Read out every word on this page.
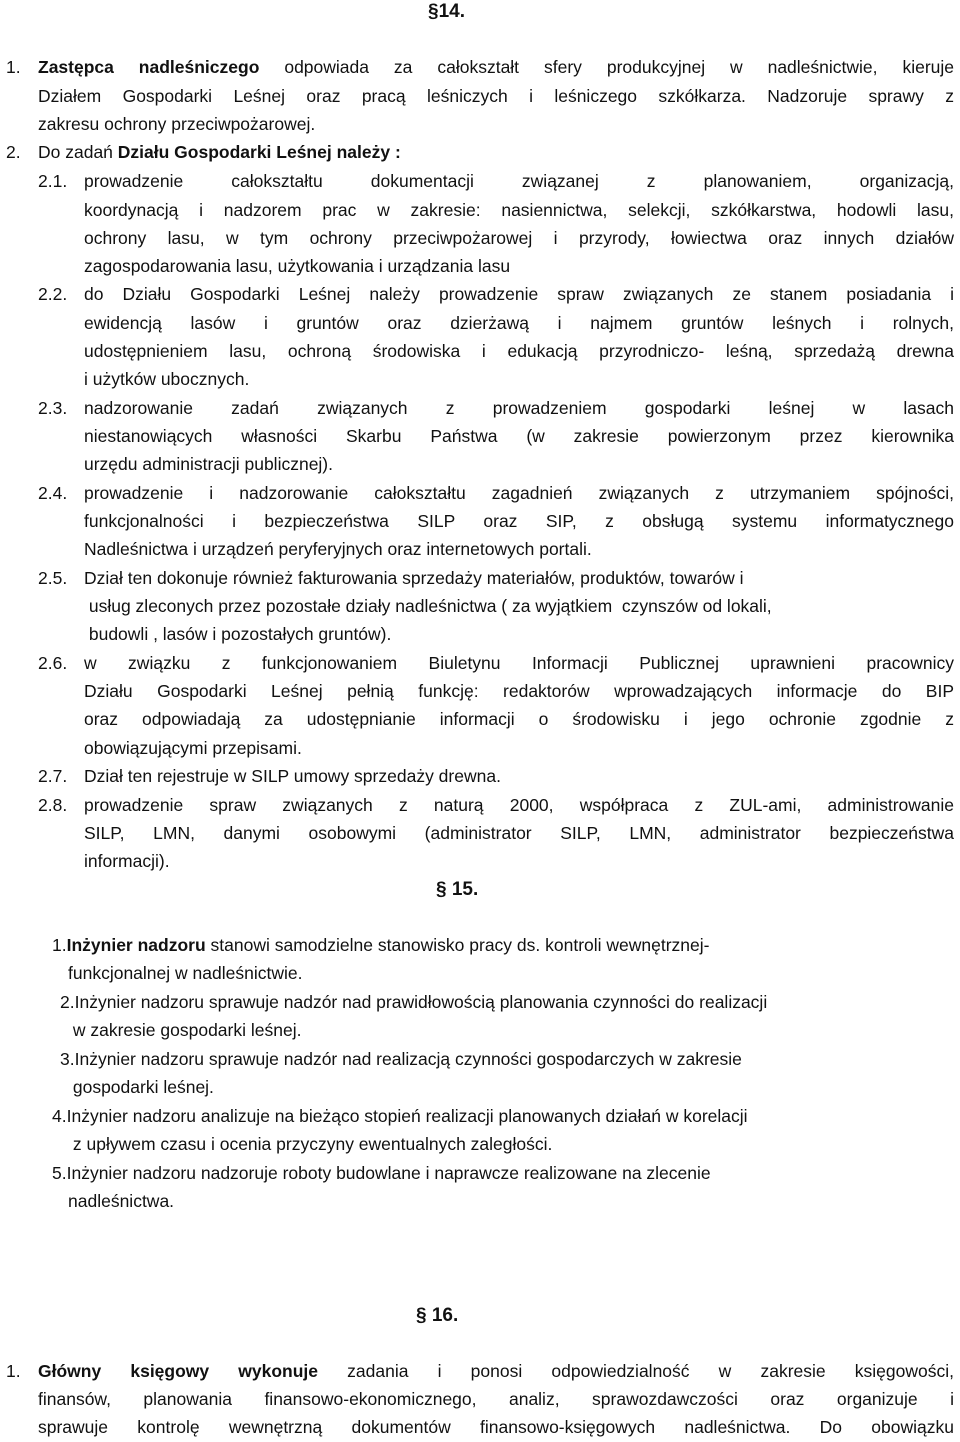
§14.
1. Zastępca nadleśniczego odpowiada za całokształt sfery produkcyjnej w nadleśnictwie, kieruje
Działem Gospodarki Leśnej oraz pracą leśniczych i leśniczego szkółkarza. Nadzoruje sprawy z
zakresu ochrony przeciwpożarowej.
2. Do zadań Działu Gospodarki Leśnej należy :
2.1. prowadzenie całokształtu dokumentacji związanej z planowaniem, organizacją,
koordynacją i nadzorem prac w zakresie: nasiennictwa, selekcji, szkółkarstwa, hodowli lasu,
ochrony lasu, w tym ochrony przeciwpożarowej i przyrody, łowiectwa oraz innych działów
zagospodarowania lasu, użytkowania i urządzania lasu
2.2. do Działu Gospodarki Leśnej należy prowadzenie spraw związanych ze stanem posiadania i
ewidencją lasów i gruntów oraz dzierżawą i najmem gruntów leśnych i rolnych,
udostępnieniem lasu, ochroną środowiska i edukacją przyrodniczo- leśną, sprzedażą drewna
i użytków ubocznych.
2.3. nadzorowanie zadań związanych z prowadzeniem gospodarki leśnej w lasach
niestanowiących własności Skarbu Państwa (w zakresie powierzonym przez kierownika
urzędu administracji publicznej).
2.4. prowadzenie i nadzorowanie całokształtu zagadnień związanych z utrzymaniem spójności,
funkcjonalności i bezpieczeństwa SILP oraz SIP, z obsługą systemu informatycznego
Nadleśnictwa i urządzeń peryferyjnych oraz internetowych portali.
2.5. Dział ten dokonuje również fakturowania sprzedaży materiałów, produktów, towarów i
usług zleconych przez pozostałe działy nadleśnictwa ( za wyjątkiem  czynszów od lokali,
budowli , lasów i pozostałych gruntów).
2.6. w związku z funkcjonowaniem Biuletynu Informacji Publicznej uprawnieni pracownicy
Działu Gospodarki Leśnej pełnią funkcję: redaktorów wprowadzających informacje do BIP
oraz odpowiadają za udostępnianie informacji o środowisku i jego ochronie zgodnie z
obowiązującymi przepisami.
2.7. Dział ten rejestruje w SILP umowy sprzedaży drewna.
2.8. prowadzenie spraw związanych z naturą 2000, współpraca z ZUL-ami, administrowanie
SILP, LMN, danymi osobowymi (administrator SILP, LMN, administrator bezpieczeństwa
informacji).
§ 15.
1.Inżynier nadzoru stanowi samodzielne stanowisko pracy ds. kontroli wewnętrznej-
funkcjonalnej w nadleśnictwie.
2.Inżynier nadzoru sprawuje nadzór nad prawidłowością planowania czynności do realizacji
w zakresie gospodarki leśnej.
3.Inżynier nadzoru sprawuje nadzór nad realizacją czynności gospodarczych w zakresie
gospodarki leśnej.
4.Inżynier nadzoru analizuje na bieżąco stopień realizacji planowanych działań w korelacji
z upływem czasu i ocenia przyczyny ewentualnych zaległości.
5.Inżynier nadzoru nadzoruje roboty budowlane i naprawcze realizowane na zlecenie
nadleśnictwa.
§ 16.
1. Główny księgowy wykonuje zadania i ponosi odpowiedzialność w zakresie księgowości,
finansów, planowania finansowo-ekonomicznego, analiz, sprawozdawczości oraz organizuje i
sprawuje kontrolę wewnętrzną dokumentów finansowo-księgowych nadleśnictwa. Do obowiązku
